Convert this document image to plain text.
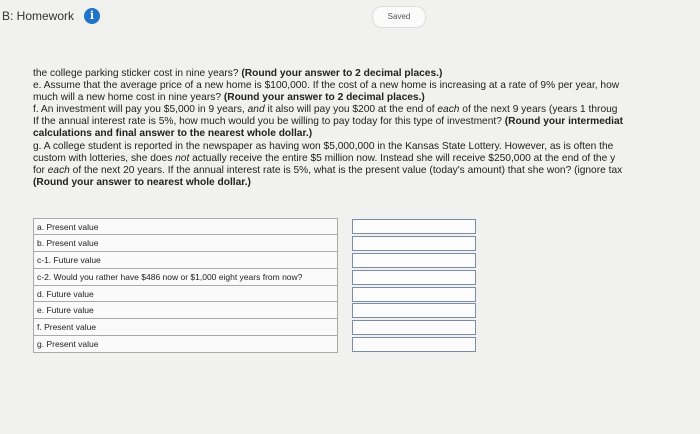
B: Homework	i	Saved

the college parking sticker cost in nine years? (Round your answer to 2 decimal places.)

e. Assume that the average price of a new home is $100,000. If the cost of a new home is increasing at a rate of 9% per year, how

much will a new home cost in nine years? (Round your answer to 2 decimal places.)

f. An investment will pay you $5,000 in 9 years, and it also will pay you $200 at the end of each of the next 9 years (years 1 throug

If the annual interest rate is 5%, how much would you be willing to pay today for this type of investment? (Round your intermediat

calculations and final answer to the nearest whole dollar.)

g. A college student is reported in the newspaper as having won $5,000,000 in the Kansas State Lottery. However, as is often the

custom with lotteries, she does not actually receive the entire $5 million now. Instead she will receive $250,000 at the end of the y

for each of the next 20 years. If the annual interest rate is 5%, what is the present value (today's amount) that she won? (ignore tax

(Round your answer to nearest whole dollar.)

a. Present value
b. Present value
c-1. Future value
c-2. Would you rather have $486 now or $1,000 eight years from now?
d. Future value
e. Future value
f. Present value
g. Present value
